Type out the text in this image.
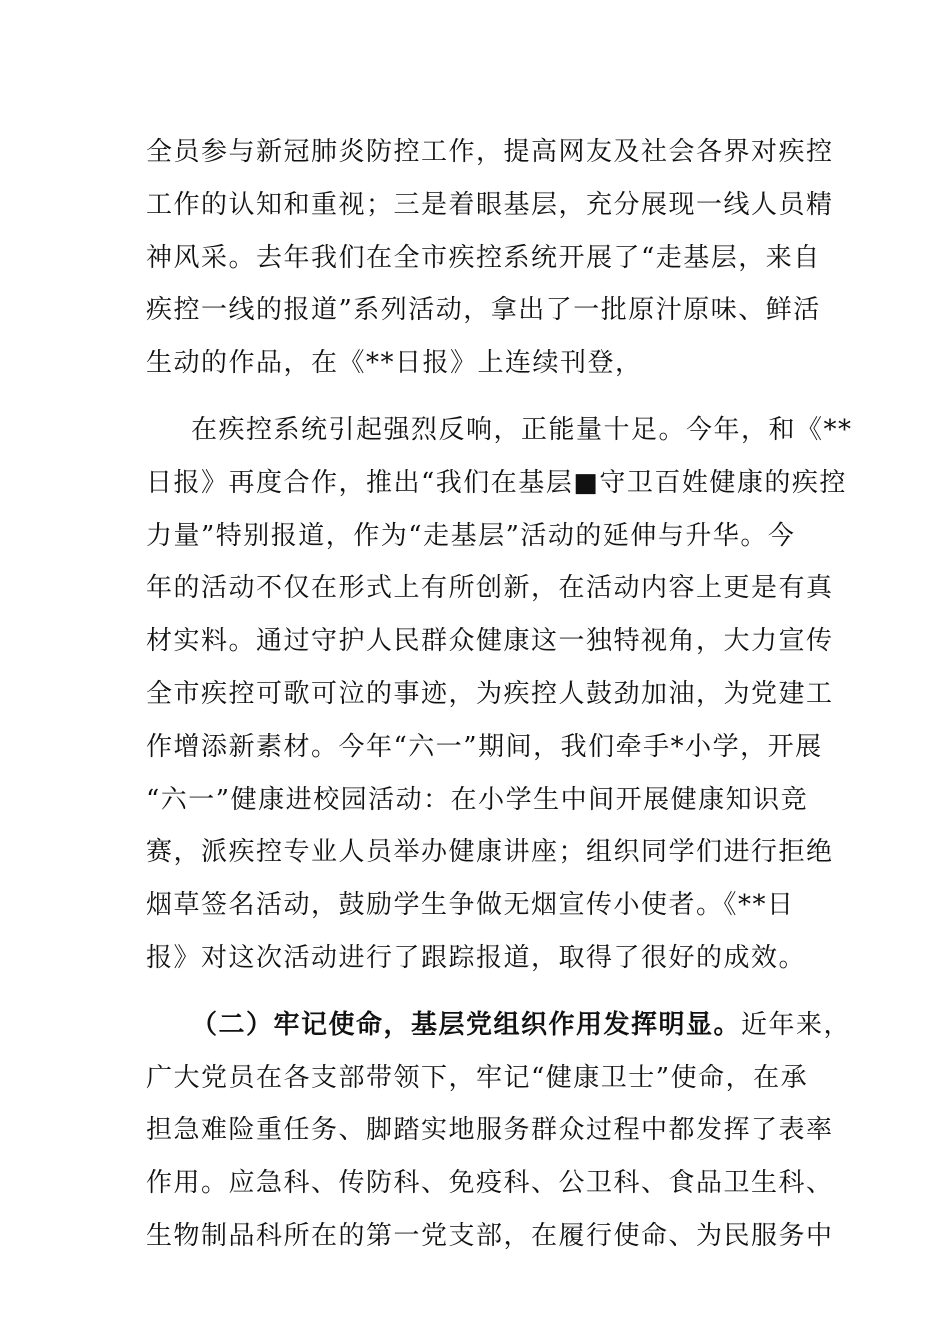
全员参与新冠肺炎防控工作，提高网友及社会各界对疾控
工作的认知和重视；三是着眼基层，充分展现一线人员精
神风采。去年我们在全市疾控系统开展了“走基层，来自
疾控一线的报道”系列活动，拿出了一批原汁原味、鲜活
生动的作品，在《**日报》上连续刊登，
在疾控系统引起强烈反响，正能量十足。今年，和《**
日报》再度合作，推出“我们在基层■守卫百姓健康的疾控
力量”特别报道，作为“走基层”活动的延伸与升华。今
年的活动不仅在形式上有所创新，在活动内容上更是有真
材实料。通过守护人民群众健康这一独特视角，大力宣传
全市疾控可歌可泣的事迹，为疾控人鼓劲加油，为党建工
作增添新素材。今年“六一”期间，我们牵手*小学，开展
“六一”健康进校园活动：在小学生中间开展健康知识竞
赛，派疾控专业人员举办健康讲座；组织同学们进行拒绝
烟草签名活动，鼓励学生争做无烟宣传小使者。《**日
报》对这次活动进行了跟踪报道，取得了很好的成效。
（二）牢记使命，基层党组织作用发挥明显。近年来，
广大党员在各支部带领下，牢记“健康卫士”使命，在承
担急难险重任务、脚踏实地服务群众过程中都发挥了表率
作用。应急科、传防科、免疫科、公卫科、食品卫生科、
生物制品科所在的第一党支部，在履行使命、为民服务中
